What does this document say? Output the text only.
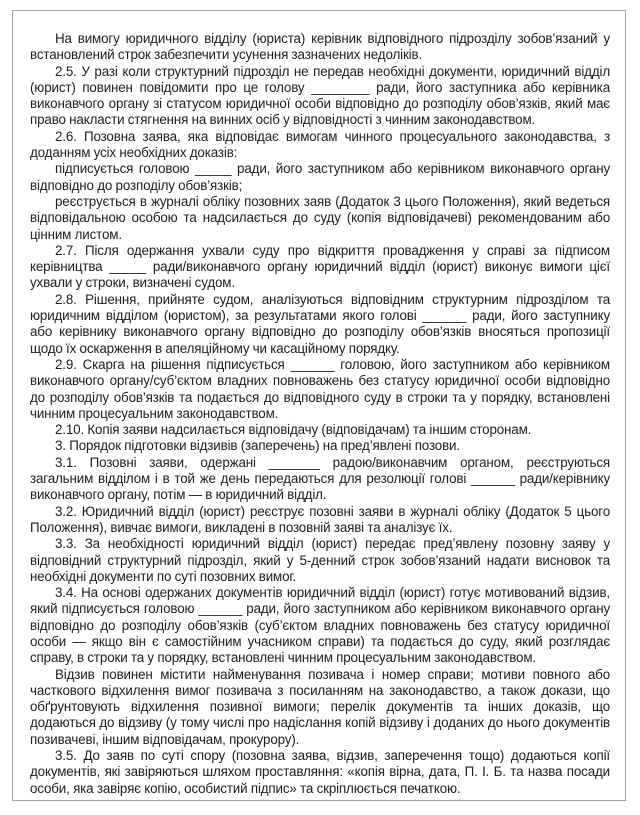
На вимогу юридичного відділу (юриста) керівник відповідного підрозділу зобов’язаний у встановлений строк забезпечити усунення зазначених недоліків.

2.5. У разі коли структурний підрозділ не передав необхідні документи, юридичний відділ (юрист) повинен повідомити про це голову ________ ради, його заступника або керівника виконавчого органу зі статусом юридичної особи відповідно до розподілу обов’язків, який має право накласти стягнення на винних осіб у відповідності з чинним законодавством.

2.6. Позовна заява, яка відповідає вимогам чинного процесуального законодавства, з доданням усіх необхідних доказів:

підписується головою _____ ради, його заступником або керівником виконавчого органу відповідно до розподілу обов’язків;

реєструється в журналі обліку позовних заяв (Додаток 3 цього Положення), який ведеться відповідальною особою та надсилається до суду (копія відповідачеві) рекомендованим або цінним листом.

2.7. Після одержання ухвали суду про відкриття провадження у справі за підписом керівництва _____ ради/виконавчого органу юридичний відділ (юрист) виконує вимоги цієї ухвали у строки, визначені судом.

2.8. Рішення, прийняте судом, аналізуються відповідним структурним підрозділом та юридичним відділом (юристом), за результатами якого голові ______ ради, його заступнику або керівнику виконавчого органу відповідно до розподілу обов’язків вносяться пропозиції щодо їх оскарження в апеляційному чи касаційному порядку.

2.9. Скарга на рішення підписується ______ головою, його заступником або керівником виконавчого органу/суб’єктом владних повноважень без статусу юридичної особи відповідно до розподілу обов’язків та подається до відповідного суду в строки та у порядку, встановлені чинним процесуальним законодавством.

2.10. Копія заяви надсилається відповідачу (відповідачам) та іншим сторонам.

3. Порядок підготовки відзивів (заперечень) на пред’явлені позови.

3.1. Позовні заяви, одержані _______ радою/виконавчим органом, реєструються загальним відділом і в той же день передаються для резолюції голові ______ ради/керівнику виконавчого органу, потім — в юридичний відділ.

3.2. Юридичний відділ (юрист) реєструє позовні заяви в журналі обліку (Додаток 5 цього Положення), вивчає вимоги, викладені в позовній заяві та аналізує їх.

3.3. За необхідності юридичний відділ (юрист) передає пред’явлену позовну заяву у відповідний структурний підрозділ, який у 5-денний строк зобов’язаний надати висновок та необхідні документи по суті позовних вимог.

3.4. На основі одержаних документів юридичний відділ (юрист) готує мотивований відзив, який підписується головою ______ ради, його заступником або керівником виконавчого органу відповідно до розподілу обов’язків (суб’єктом владних повноважень без статусу юридичної особи — якщо він є самостійним учасником справи) та подається до суду, який розглядає справу, в строки та у порядку, встановлені чинним процесуальним законодавством.

Відзив повинен містити найменування позивача і номер справи; мотиви повного або часткового відхилення вимог позивача з посиланням на законодавство, а також докази, що обґрунтовують відхилення позивної вимоги; перелік документів та інших доказів, що додаються до відзиву (у тому числі про надіслання копій відзиву і доданих до нього документів позивачеві, іншим відповідачам, прокурору).

3.5. До заяв по суті спору (позовна заява, відзив, заперечення тощо) додаються копії документів, які завіряються шляхом проставляння: «копія вірна, дата, П. І. Б. та назва посади особи, яка завіряє копію, особистий підпис» та скріплюється печаткою.
